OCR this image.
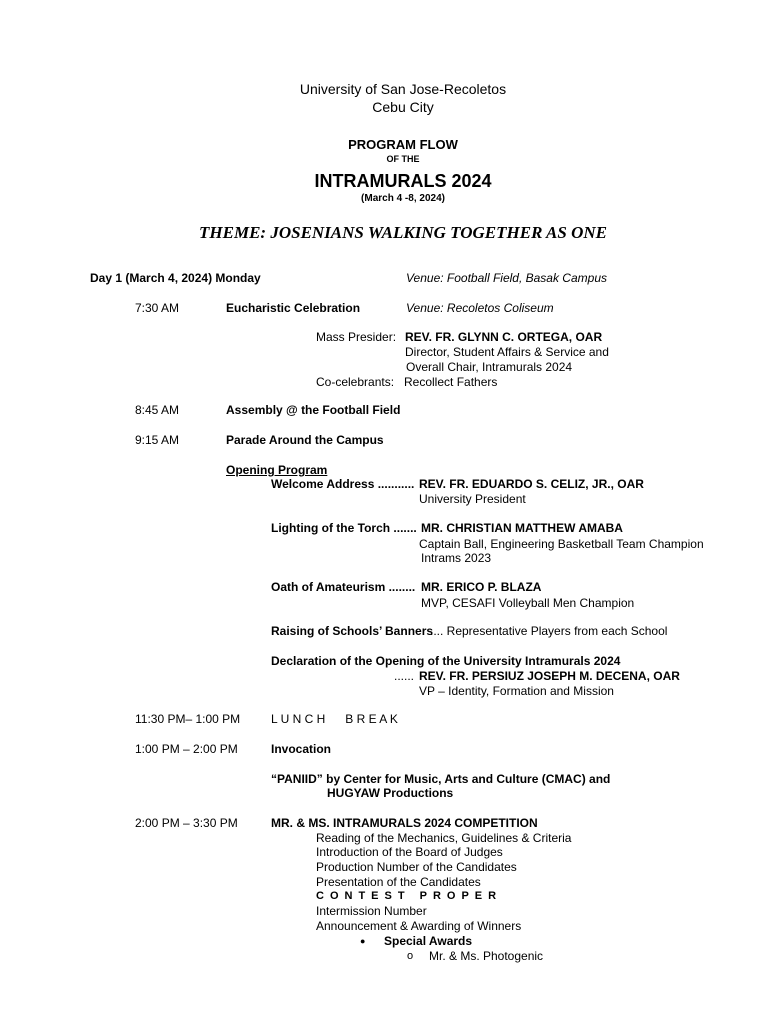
University of San Jose-Recoletos
Cebu City
PROGRAM FLOW
OF THE
INTRAMURALS 2024
(March 4 -8, 2024)
THEME: JOSENIANS WALKING TOGETHER AS ONE
Day 1 (March 4, 2024) Monday	Venue: Football Field, Basak Campus
7:30 AM	Eucharistic Celebration	Venue: Recoletos Coliseum
Mass Presider: REV. FR. GLYNN C. ORTEGA, OAR
Director, Student Affairs & Service and
Overall Chair, Intramurals 2024
Co-celebrants: Recollect Fathers
8:45 AM	Assembly @ the Football Field
9:15 AM	Parade Around the Campus
Opening Program
Welcome Address ........... REV. FR. EDUARDO S. CELIZ, JR., OAR
University President
Lighting of the Torch ....... MR. CHRISTIAN MATTHEW AMABA
Captain Ball, Engineering Basketball Team Champion
Intrams 2023
Oath of Amateurism ........ MR. ERICO P. BLAZA
MVP, CESAFI Volleyball Men Champion
Raising of Schools’ Banners
.... Representative Players from each School
Declaration of the Opening of the University Intramurals 2024
...... REV. FR. PERSIUZ JOSEPH M. DECENA, OAR
VP – Identity, Formation and Mission
11:30 PM– 1:00 PM	L U N C H      B R E A K
1:00 PM – 2:00 PM	Invocation
“PANIID” by Center for Music, Arts and Culture (CMAC) and
HUGYAW Productions
2:00 PM – 3:30 PM	MR. & MS. INTRAMURALS 2024 COMPETITION
Reading of the Mechanics, Guidelines & Criteria
Introduction of the Board of Judges
Production Number of the Candidates
Presentation of the Candidates
CONTEST PROPER
Intermission Number
Announcement & Awarding of Winners
● Special Awards
o Mr. & Ms. Photogenic
